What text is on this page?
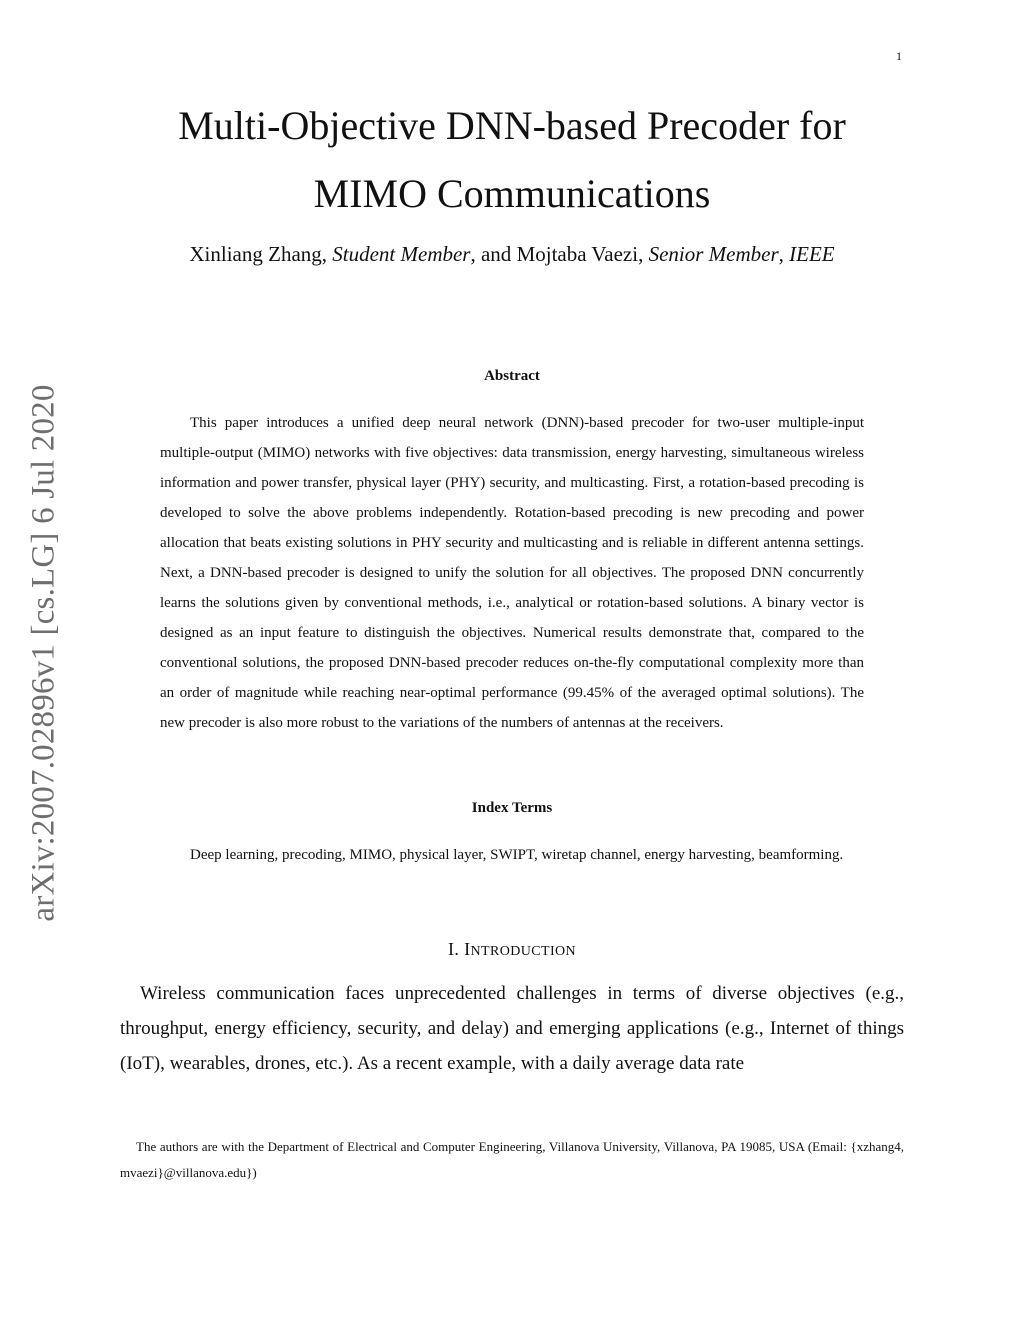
1
arXiv:2007.02896v1 [cs.LG] 6 Jul 2020
Multi-Objective DNN-based Precoder for
MIMO Communications
Xinliang Zhang, Student Member, and Mojtaba Vaezi, Senior Member, IEEE
Abstract

This paper introduces a unified deep neural network (DNN)-based precoder for two-user multiple-input multiple-output (MIMO) networks with five objectives: data transmission, energy harvesting, simultaneous wireless information and power transfer, physical layer (PHY) security, and multicasting. First, a rotation-based precoding is developed to solve the above problems independently. Rotation-based precoding is new precoding and power allocation that beats existing solutions in PHY security and multicasting and is reliable in different antenna settings. Next, a DNN-based precoder is designed to unify the solution for all objectives. The proposed DNN concurrently learns the solutions given by conventional methods, i.e., analytical or rotation-based solutions. A binary vector is designed as an input feature to distinguish the objectives. Numerical results demonstrate that, compared to the conventional solutions, the proposed DNN-based precoder reduces on-the-fly computational complexity more than an order of magnitude while reaching near-optimal performance (99.45% of the averaged optimal solutions). The new precoder is also more robust to the variations of the numbers of antennas at the receivers.

Index Terms

Deep learning, precoding, MIMO, physical layer, SWIPT, wiretap channel, energy harvesting, beamforming.

I. INTRODUCTION

Wireless communication faces unprecedented challenges in terms of diverse objectives (e.g., throughput, energy efficiency, security, and delay) and emerging applications (e.g., Internet of things (IoT), wearables, drones, etc.). As a recent example, with a daily average data rate

The authors are with the Department of Electrical and Computer Engineering, Villanova University, Villanova, PA 19085, USA (Email: {xzhang4, mvaezi}@villanova.edu})
